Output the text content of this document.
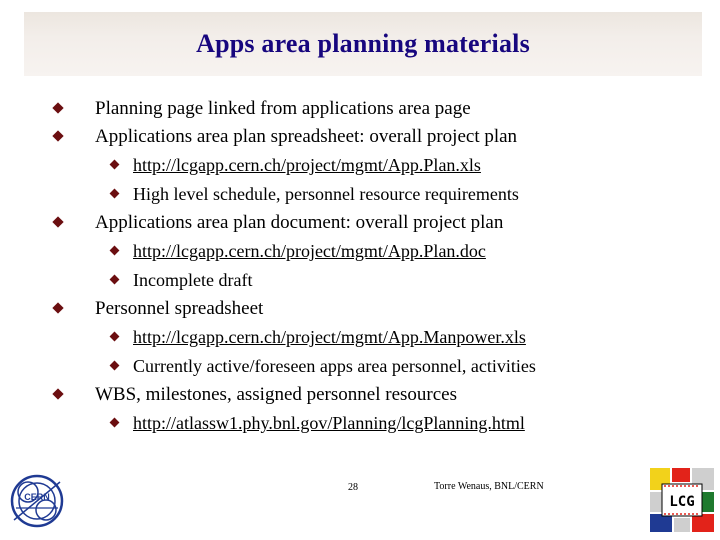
Apps area planning materials
Planning page linked from applications area page
Applications area plan spreadsheet: overall project plan
http://lcgapp.cern.ch/project/mgmt/App.Plan.xls
High level schedule, personnel resource requirements
Applications area plan document: overall project plan
http://lcgapp.cern.ch/project/mgmt/App.Plan.doc
Incomplete draft
Personnel spreadsheet
http://lcgapp.cern.ch/project/mgmt/App.Manpower.xls
Currently active/foreseen apps area personnel, activities
WBS, milestones, assigned personnel resources
http://atlassw1.phy.bnl.gov/Planning/lcgPlanning.html
CERN
28	Torre Wenaus, BNL/CERN
LCG
